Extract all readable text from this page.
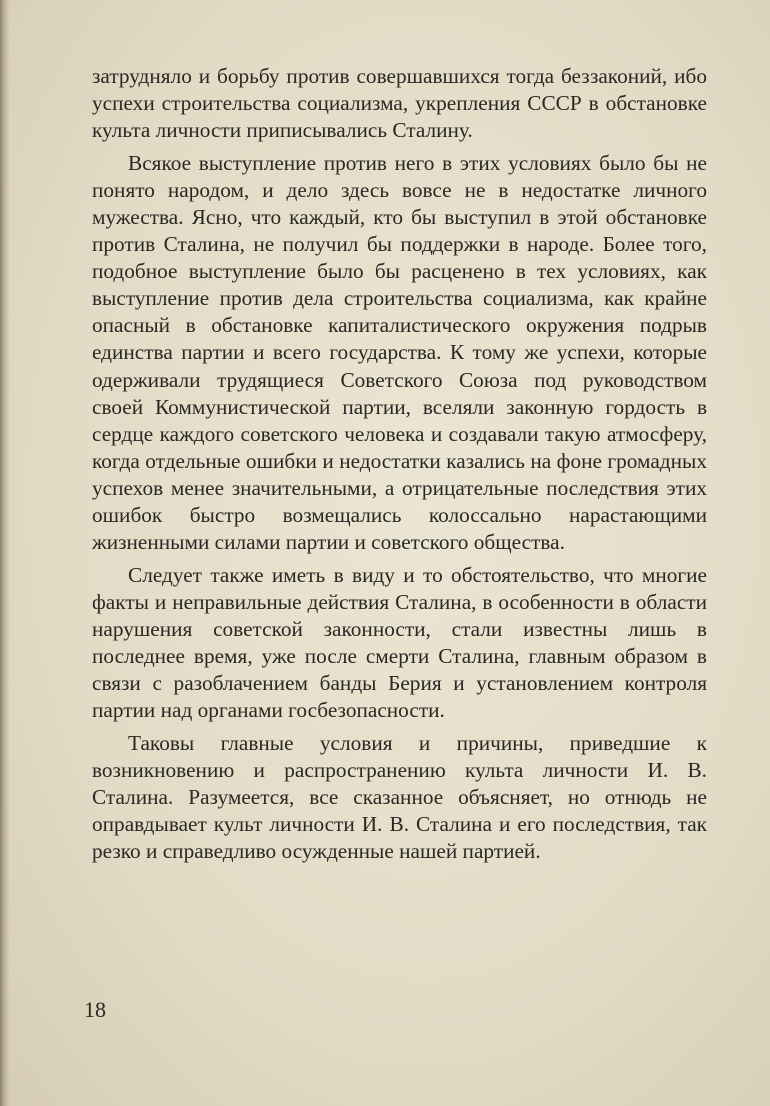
затрудняло и борьбу против совершавшихся тогда беззаконий, ибо успехи строительства социализма, укрепления СССР в обстановке культа личности приписывались Сталину.

Всякое выступление против него в этих условиях было бы не понято народом, и дело здесь вовсе не в недостатке личного мужества. Ясно, что каждый, кто бы выступил в этой обстановке против Сталина, не получил бы поддержки в народе. Более того, подобное выступление было бы расценено в тех условиях, как выступление против дела строительства социализма, как крайне опасный в обстановке капиталистического окружения подрыв единства партии и всего государства. К тому же успехи, которые одерживали трудящиеся Советского Союза под руководством своей Коммунистической партии, вселяли законную гордость в сердце каждого советского человека и создавали такую атмосферу, когда отдельные ошибки и недостатки казались на фоне громадных успехов менее значительными, а отрицательные последствия этих ошибок быстро возмещались колоссально нарастающими жизненными силами партии и советского общества.

Следует также иметь в виду и то обстоятельство, что многие факты и неправильные действия Сталина, в особенности в области нарушения советской законности, стали известны лишь в последнее время, уже после смерти Сталина, главным образом в связи с разоблачением банды Берия и установлением контроля партии над органами госбезопасности.

Таковы главные условия и причины, приведшие к возникновению и распространению культа личности И. В. Сталина. Разумеется, все сказанное объясняет, но отнюдь не оправдывает культ личности И. В. Сталина и его последствия, так резко и справедливо осужденные нашей партией.

18
